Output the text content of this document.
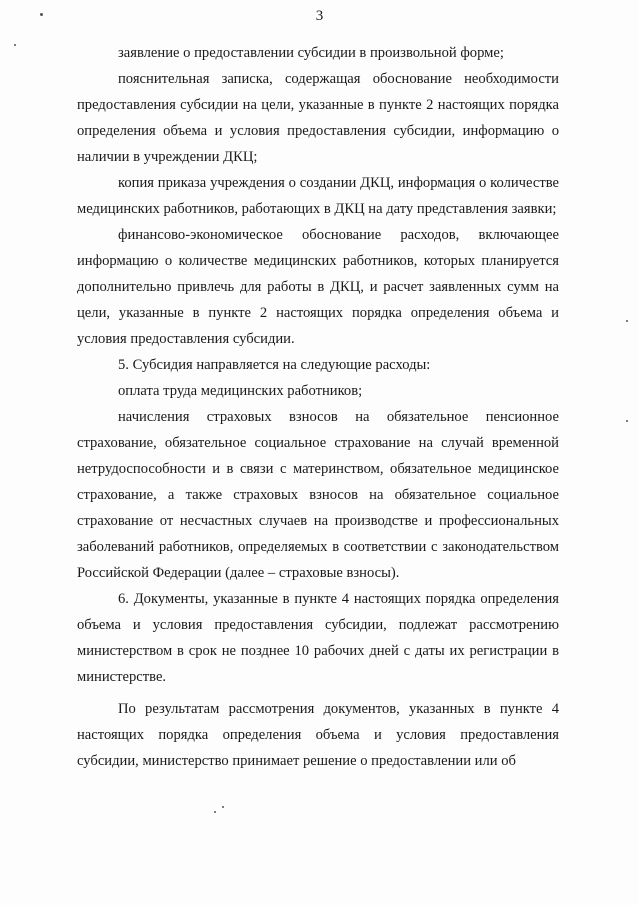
3

заявление о предоставлении субсидии в произвольной форме;

пояснительная записка, содержащая обоснование необходимости предоставления субсидии на цели, указанные в пункте 2 настоящих порядка определения объема и условия предоставления субсидии, информацию о наличии в учреждении ДКЦ;

копия приказа учреждения о создании ДКЦ, информация о количестве медицинских работников, работающих в ДКЦ на дату представления заявки;

финансово-экономическое обоснование расходов, включающее информацию о количестве медицинских работников, которых планируется дополнительно привлечь для работы в ДКЦ, и расчет заявленных сумм на цели, указанные в пункте 2 настоящих порядка определения объема и условия предоставления субсидии.

5. Субсидия направляется на следующие расходы:

оплата труда медицинских работников;

начисления страховых взносов на обязательное пенсионное страхование, обязательное социальное страхование на случай временной нетрудоспособности и в связи с материнством, обязательное медицинское страхование, а также страховых взносов на обязательное социальное страхование от несчастных случаев на производстве и профессиональных заболеваний работников, определяемых в соответствии с законодательством Российской Федерации (далее – страховые взносы).

6. Документы, указанные в пункте 4 настоящих порядка определения объема и условия предоставления субсидии, подлежат рассмотрению министерством в срок не позднее 10 рабочих дней с даты их регистрации в министерстве.

По результатам рассмотрения документов, указанных в пункте 4 настоящих порядка определения объема и условия предоставления субсидии, министерство принимает решение о предоставлении или об
